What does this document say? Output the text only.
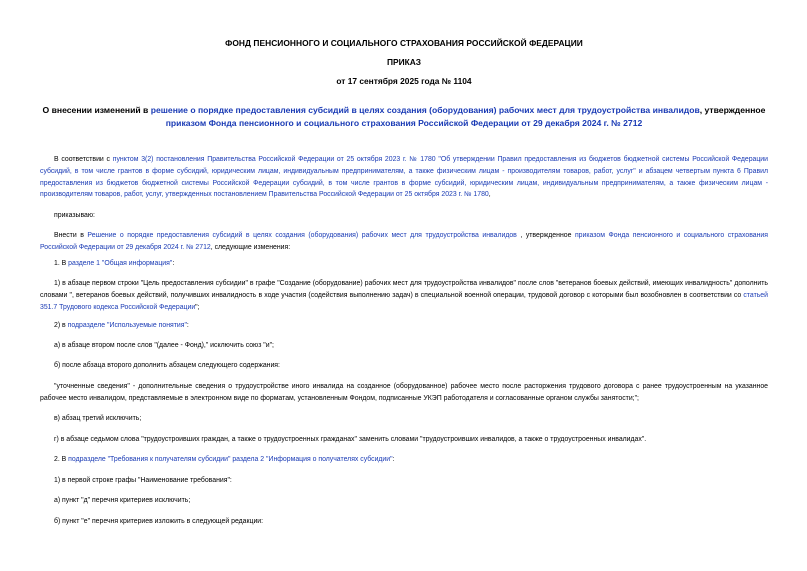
ФОНД ПЕНСИОННОГО И СОЦИАЛЬНОГО СТРАХОВАНИЯ РОССИЙСКОЙ ФЕДЕРАЦИИ
ПРИКАЗ
от 17 сентября 2025 года № 1104
О внесении изменений в решение о порядке предоставления субсидий в целях создания (оборудования) рабочих мест для трудоустройства инвалидов, утвержденное приказом Фонда пенсионного и социального страхования Российской Федерации от 29 декабря 2024 г. № 2712
В соответствии с пунктом 3(2) постановления Правительства Российской Федерации от 25 октября 2023 г. № 1780 "Об утверждении Правил предоставления из бюджетов бюджетной системы Российской Федерации субсидий, в том числе грантов в форме субсидий, юридическим лицам, индивидуальным предпринимателям, а также физическим лицам - производителям товаров, работ, услуг" и абзацем четвертым пункта 6 Правил предоставления из бюджетов бюджетной системы Российской Федерации субсидий, в том числе грантов в форме субсидий, юридическим лицам, индивидуальным предпринимателям, а также физическим лицам - производителям товаров, работ, услуг, утвержденных постановлением Правительства Российской Федерации от 25 октября 2023 г. № 1780,
приказываю:
Внести в Решение о порядке предоставления субсидий в целях создания (оборудования) рабочих мест для трудоустройства инвалидов , утвержденное приказом Фонда пенсионного и социального страхования Российской Федерации от 29 декабря 2024 г. № 2712, следующие изменения:
1. В разделе 1 "Общая информация":
1) в абзаце первом строки "Цель предоставления субсидии" в графе "Создание (оборудование) рабочих мест для трудоустройства инвалидов" после слов "ветеранов боевых действий, имеющих инвалидность" дополнить словами ", ветеранов боевых действий, получивших инвалидность в ходе участия (содействия выполнению задач) в специальной военной операции, трудовой договор с которыми был возобновлен в соответствии со статьей 351.7 Трудового кодекса Российской Федерации";
2) в подразделе "Используемые понятия":
а) в абзаце втором после слов "(далее - Фонд)," исключить союз "и";
б) после абзаца второго дополнить абзацем следующего содержания:
"уточненные сведения" - дополнительные сведения о трудоустройстве иного инвалида на созданное (оборудованное) рабочее место после расторжения трудового договора с ранее трудоустроенным на указанное рабочее место инвалидом, представляемые в электронном виде по форматам, установленным Фондом, подписанные УКЭП работодателя и согласованные органом службы занятости;";
в) абзац третий исключить;
г) в абзаце седьмом слова "трудоустроивших граждан, а также о трудоустроенных гражданах" заменить словами "трудоустроивших инвалидов, а также о трудоустроенных инвалидах".
2. В подразделе "Требования к получателям субсидии" раздела 2 "Информация о получателях субсидии":
1) в первой строке графы "Наименование требования":
а) пункт "д" перечня критериев исключить;
б) пункт "е" перечня критериев изложить в следующей редакции:
